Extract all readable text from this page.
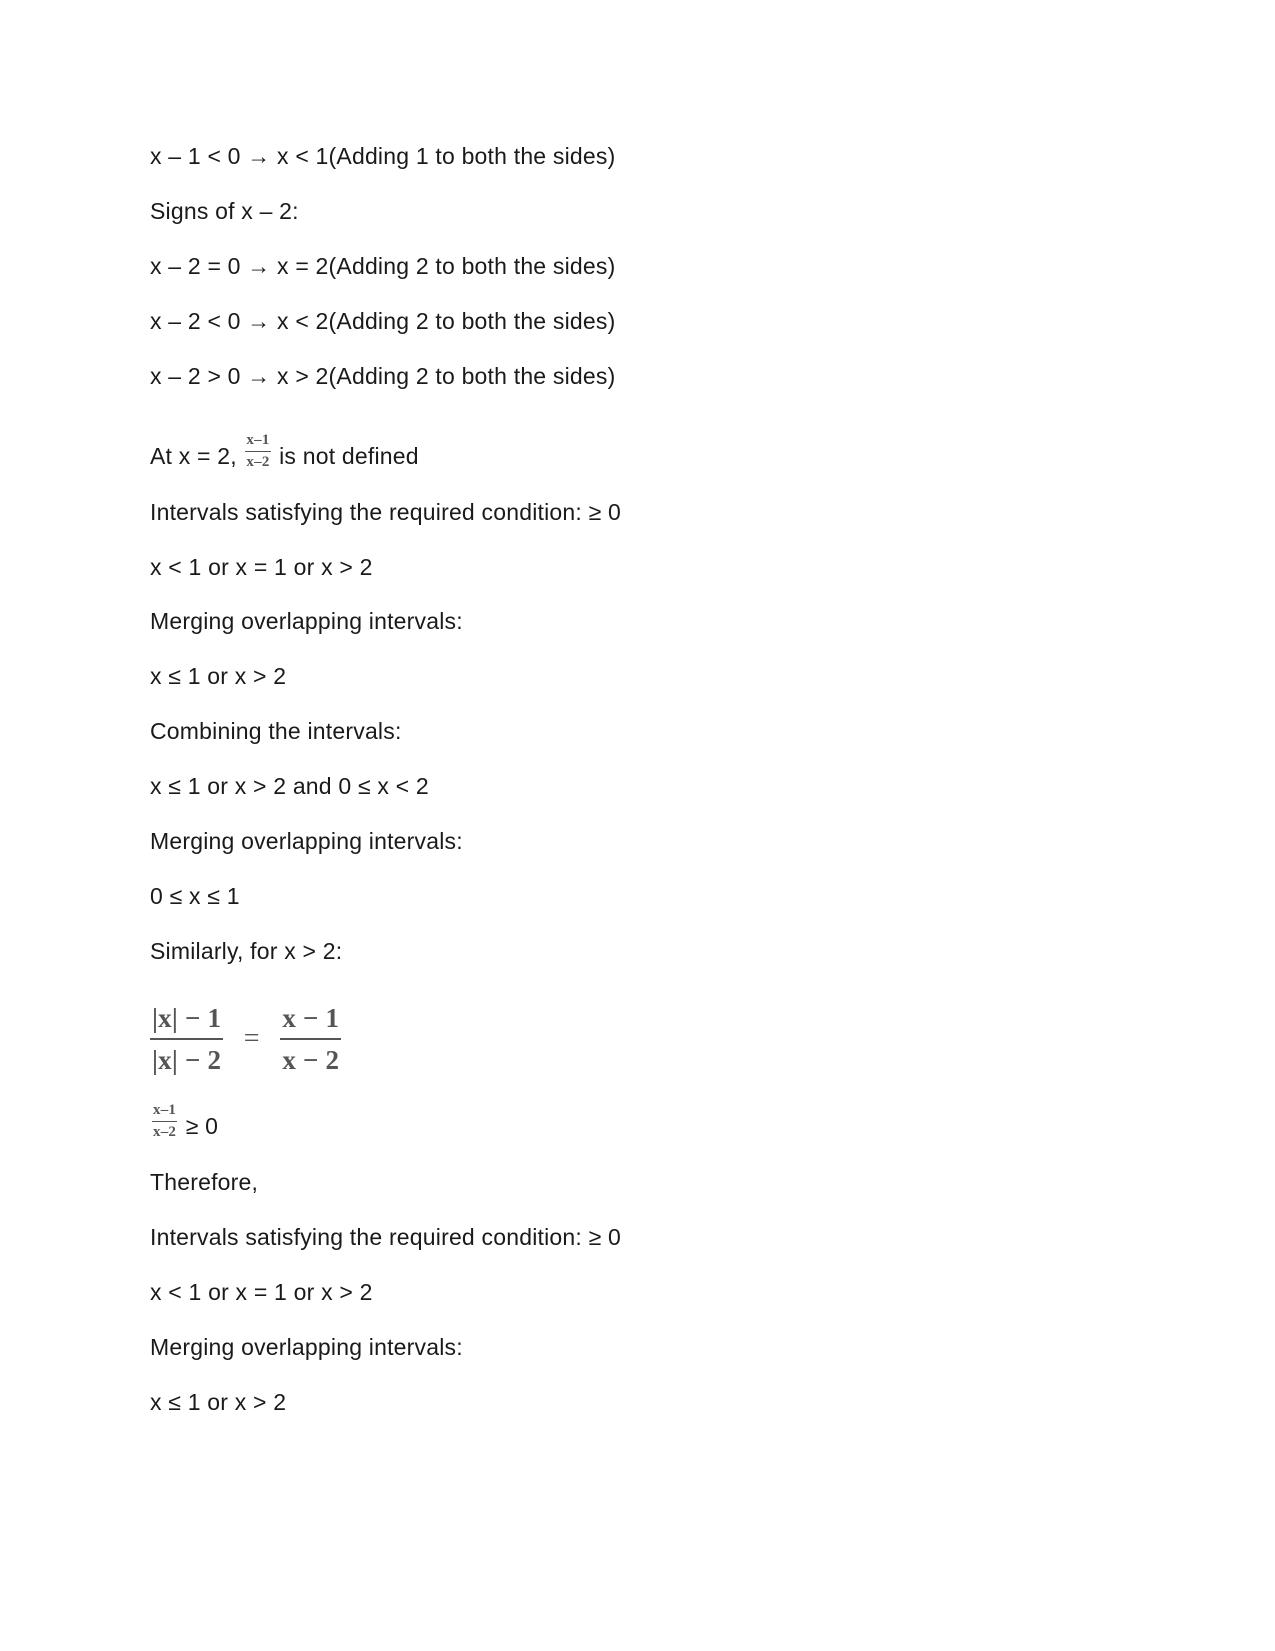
x – 1 < 0 → x < 1(Adding 1 to both the sides)
Signs of x – 2:
x – 2 = 0 → x = 2(Adding 2 to both the sides)
x – 2 < 0 → x < 2(Adding 2 to both the sides)
x – 2 > 0 → x > 2(Adding 2 to both the sides)
At x = 2, $\frac{x-1}{x-2}$ is not defined
Intervals satisfying the required condition: ≥ 0
x < 1 or x = 1 or x > 2
Merging overlapping intervals:
x ≤ 1 or x > 2
Combining the intervals:
x ≤ 1 or x > 2 and 0 ≤ x < 2
Merging overlapping intervals:
0 ≤ x ≤ 1
Similarly, for x > 2:
$\frac{|x| - 1}{|x| - 2} = \frac{x - 1}{x - 2}$
$\frac{x-1}{x-2} \ge 0$
Therefore,
Intervals satisfying the required condition: ≥ 0
x < 1 or x = 1 or x > 2
Merging overlapping intervals:
x ≤ 1 or x > 2
